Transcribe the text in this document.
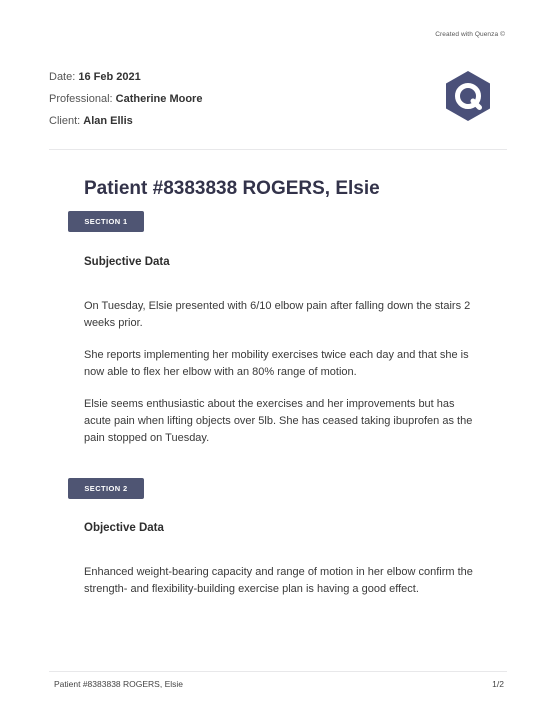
Created with Quenza ©
Date: 16 Feb 2021
Professional: Catherine Moore
Client: Alan Ellis
Patient #8383838 ROGERS, Elsie
SECTION 1
Subjective Data

On Tuesday, Elsie presented with 6/10 elbow pain after falling down the stairs 2 weeks prior.

She reports implementing her mobility exercises twice each day and that she is now able to flex her elbow with an 80% range of motion.

Elsie seems enthusiastic about the exercises and her improvements but has acute pain when lifting objects over 5lb. She has ceased taking ibuprofen as the pain stopped on Tuesday.

SECTION 2
Objective Data

Enhanced weight-bearing capacity and range of motion in her elbow confirm the strength- and flexibility-building exercise plan is having a good effect.

Patient #8383838 ROGERS, Elsie	1/2
